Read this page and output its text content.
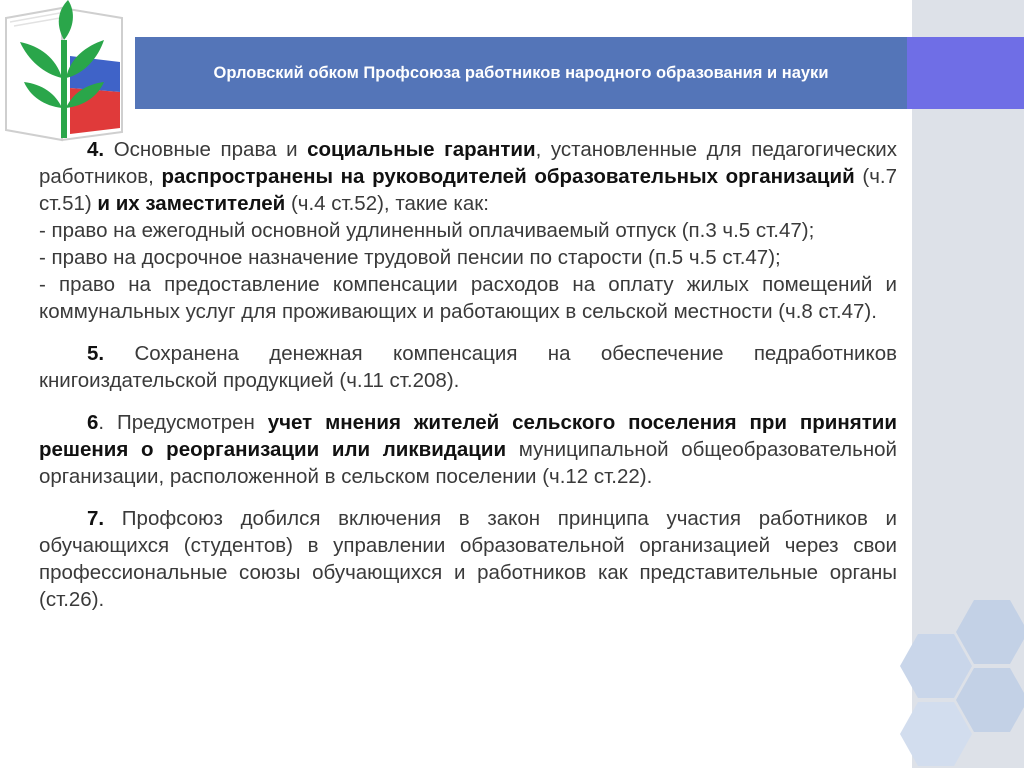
Орловский обком Профсоюза работников народного образования и науки

4. Основные права и социальные гарантии, установленные для педагогических работников, распространены на руководителей образовательных организаций (ч.7 ст.51) и их заместителей (ч.4 ст.52), такие как:

- право на ежегодный основной удлиненный оплачиваемый отпуск (п.3 ч.5 ст.47);

- право на досрочное назначение трудовой пенсии по старости (п.5 ч.5 ст.47);

- право на предоставление компенсации расходов на оплату жилых помещений и коммунальных услуг для проживающих и работающих в сельской местности (ч.8 ст.47).

5. Сохранена денежная компенсация на обеспечение педработников книгоиздательской продукцией (ч.11 ст.208).

6. Предусмотрен учет мнения жителей сельского поселения при принятии решения о реорганизации или ликвидации муниципальной общеобразовательной организации, расположенной в сельском поселении (ч.12 ст.22).

7. Профсоюз добился включения в закон принципа участия работников и обучающихся (студентов) в управлении образовательной организацией через свои профессиональные союзы обучающихся и работников как представительные органы (ст.26).
